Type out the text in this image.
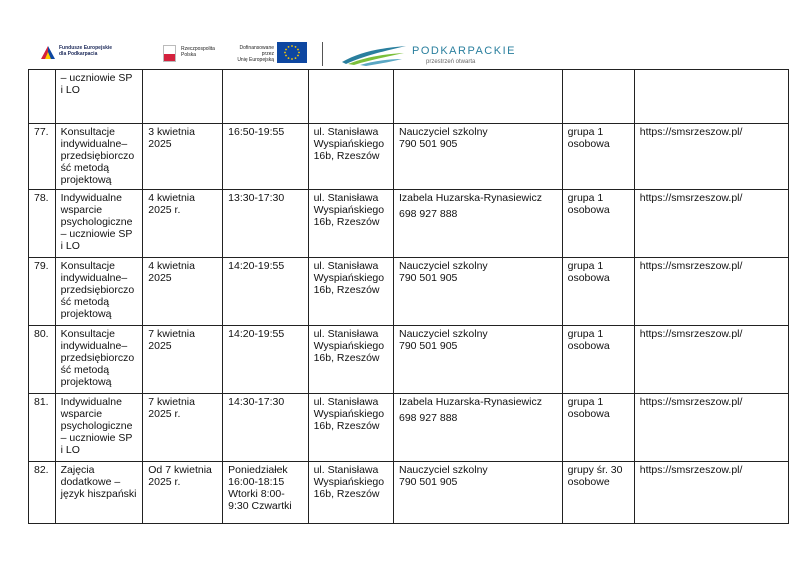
Fundusze Europejskie
dla Podkarpacia
Rzeczpospolita
Polska
Dofinansowane przez
Unię Europejską
PODKARPACKIE
przestrzeń otwarta
	– uczniowie SP i LO						
77.	Konsultacje indywidualne– przedsiębiorczo ść metodą projektową	3 kwietnia 2025	16:50-19:55	ul. Stanisława Wyspiańskiego 16b, Rzeszów	Nauczyciel szkolny
790 501 905	grupa 1 osobowa	https://smsrzeszow.pl/
78.	Indywidualne wsparcie psychologiczne – uczniowie SP i LO	4 kwietnia 2025 r.	13:30-17:30	ul. Stanisława Wyspiańskiego 16b, Rzeszów	Izabela Huzarska-Rynasiewicz
698 927 888	grupa 1 osobowa	https://smsrzeszow.pl/
79.	Konsultacje indywidualne– przedsiębiorczo ść metodą projektową	4 kwietnia 2025	14:20-19:55	ul. Stanisława Wyspiańskiego 16b, Rzeszów	Nauczyciel szkolny
790 501 905	grupa 1 osobowa	https://smsrzeszow.pl/
80.	Konsultacje indywidualne– przedsiębiorczo ść metodą projektową	7 kwietnia 2025	14:20-19:55	ul. Stanisława Wyspiańskiego 16b, Rzeszów	Nauczyciel szkolny
790 501 905	grupa 1 osobowa	https://smsrzeszow.pl/
81.	Indywidualne wsparcie psychologiczne – uczniowie SP i LO	7 kwietnia 2025 r.	14:30-17:30	ul. Stanisława Wyspiańskiego 16b, Rzeszów	Izabela Huzarska-Rynasiewicz
698 927 888	grupa 1 osobowa	https://smsrzeszow.pl/
82.	Zajęcia dodatkowe – język hiszpański	Od 7 kwietnia 2025 r.	Poniedziałek 16:00-18:15 Wtorki 8:00-9:30 Czwartki	ul. Stanisława Wyspiańskiego 16b, Rzeszów	Nauczyciel szkolny
790 501 905	grupy śr. 30 osobowe	https://smsrzeszow.pl/
